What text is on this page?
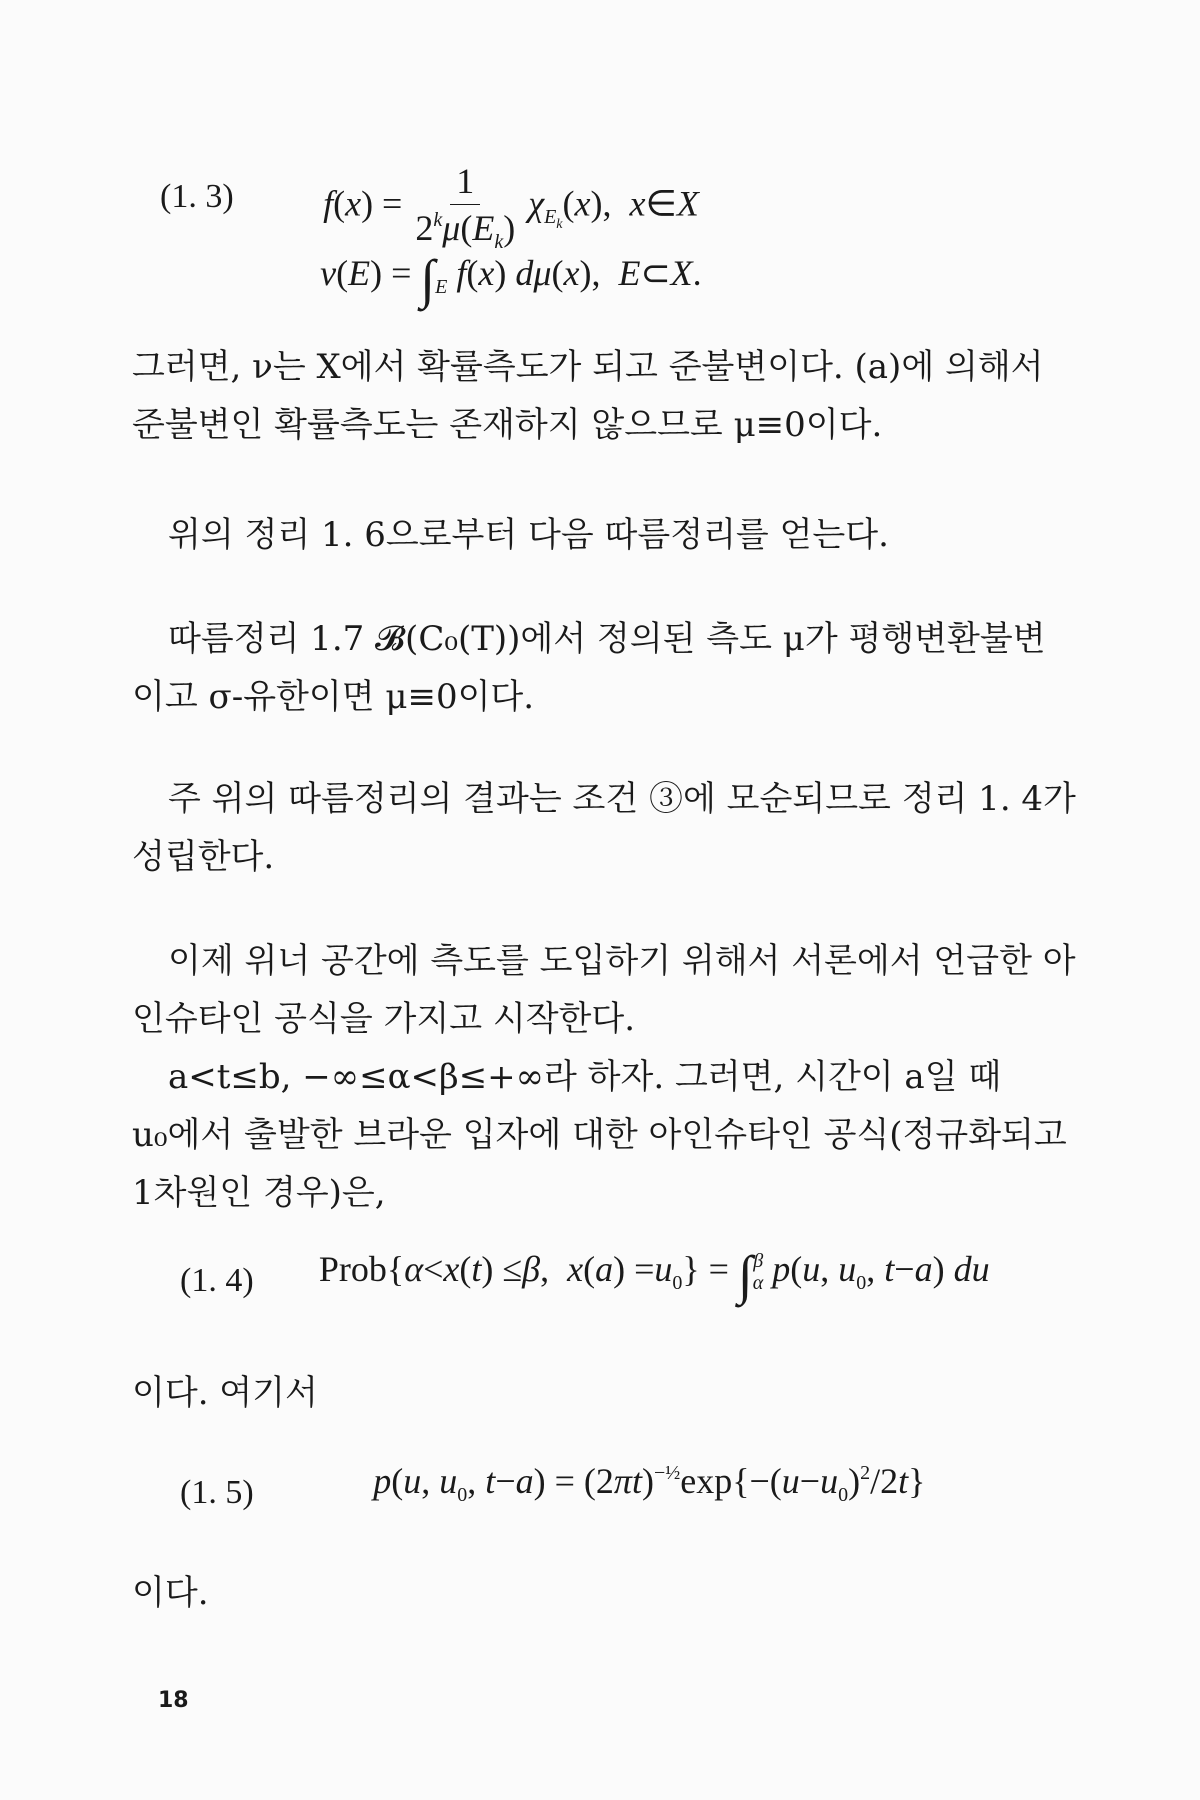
(1. 3)	$f(x) = \frac{1}{2^k\mu(E_k)} \chi_{E_k}(x)$,  x∈X
$\nu(E) = \int_E$ f(x) dμ(x),  E⊂X.
그러면, ν는 X에서 확률측도가 되고 준불변이다. (a)에 의해서
준불변인 확률측도는 존재하지 않으므로 μ≡0이다.
위의 정리 1. 6으로부터 다음 따름정리를 얻는다.
따름정리 1.7 𝓑(C₀(T))에서 정의된 측도 μ가 평행변환불변
이고 σ-유한이면 μ≡0이다.
주 위의 따름정리의 결과는 조건 ③에 모순되므로 정리 1. 4가
성립한다.
이제 위너 공간에 측도를 도입하기 위해서 서론에서 언급한 아
인슈타인 공식을 가지고 시작한다.
a<t≤b, −∞≤α<β≤+∞라 하자. 그러면, 시간이 a일 때
u₀에서 출발한 브라운 입자에 대한 아인슈타인 공식(정규화되고
1차원인 경우)은,
(1. 4)	Prob{α<x(t) ≤β,  $x(a) =u_0\} = \int_\alpha^\beta$ p(u, $u_0$, t−a) du
이다. 여기서
(1. 5)	p(u, $u_0$, $t-a) = (2\pi t)^{-\frac{1}{2}}\exp\{-(u-u_0)^2/2t\}$
이다.
18
